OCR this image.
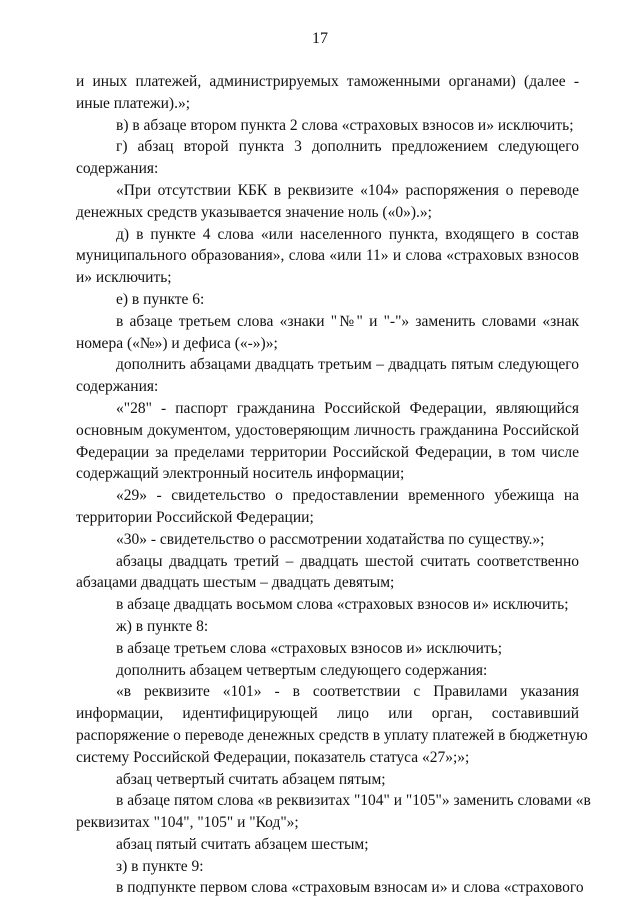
17
и иных платежей, администрируемых таможенными органами) (далее -
иные платежи).»;
в) в абзаце втором пункта 2 слова «страховых взносов и» исключить;
г) абзац второй пункта 3 дополнить предложением следующего
содержания:
«При отсутствии КБК в реквизите «104» распоряжения о переводе
денежных средств указывается значение ноль («0»).»;
д) в пункте 4 слова «или населенного пункта, входящего в состав
муниципального образования», слова «или 11» и слова «страховых взносов
и» исключить;
е) в пункте 6:
в абзаце третьем слова «знаки "№" и "-"» заменить словами «знак
номера («№») и дефиса («-»)»;
дополнить абзацами двадцать третьим – двадцать пятым следующего
содержания:
«"28" - паспорт гражданина Российской Федерации, являющийся
основным документом, удостоверяющим личность гражданина Российской
Федерации за пределами территории Российской Федерации, в том числе
содержащий электронный носитель информации;
«29» - свидетельство о предоставлении временного убежища на
территории Российской Федерации;
«30» - свидетельство о рассмотрении ходатайства по существу.»;
абзацы двадцать третий – двадцать шестой считать соответственно
абзацами двадцать шестым – двадцать девятым;
в абзаце двадцать восьмом слова «страховых взносов и» исключить;
ж) в пункте 8:
в абзаце третьем слова «страховых взносов и» исключить;
дополнить абзацем четвертым следующего содержания:
«в реквизите «101» - в соответствии с Правилами указания
информации, идентифицирующей лицо или орган, составивший
распоряжение о переводе денежных средств в уплату платежей в бюджетную
систему Российской Федерации, показатель статуса «27»;»;
абзац четвертый считать абзацем пятым;
в абзаце пятом слова «в реквизитах "104" и "105"» заменить словами «в
реквизитах "104", "105" и "Код"»;
абзац пятый считать абзацем шестым;
з) в пункте 9:
в подпункте первом слова «страховым взносам и» и слова «страхового
